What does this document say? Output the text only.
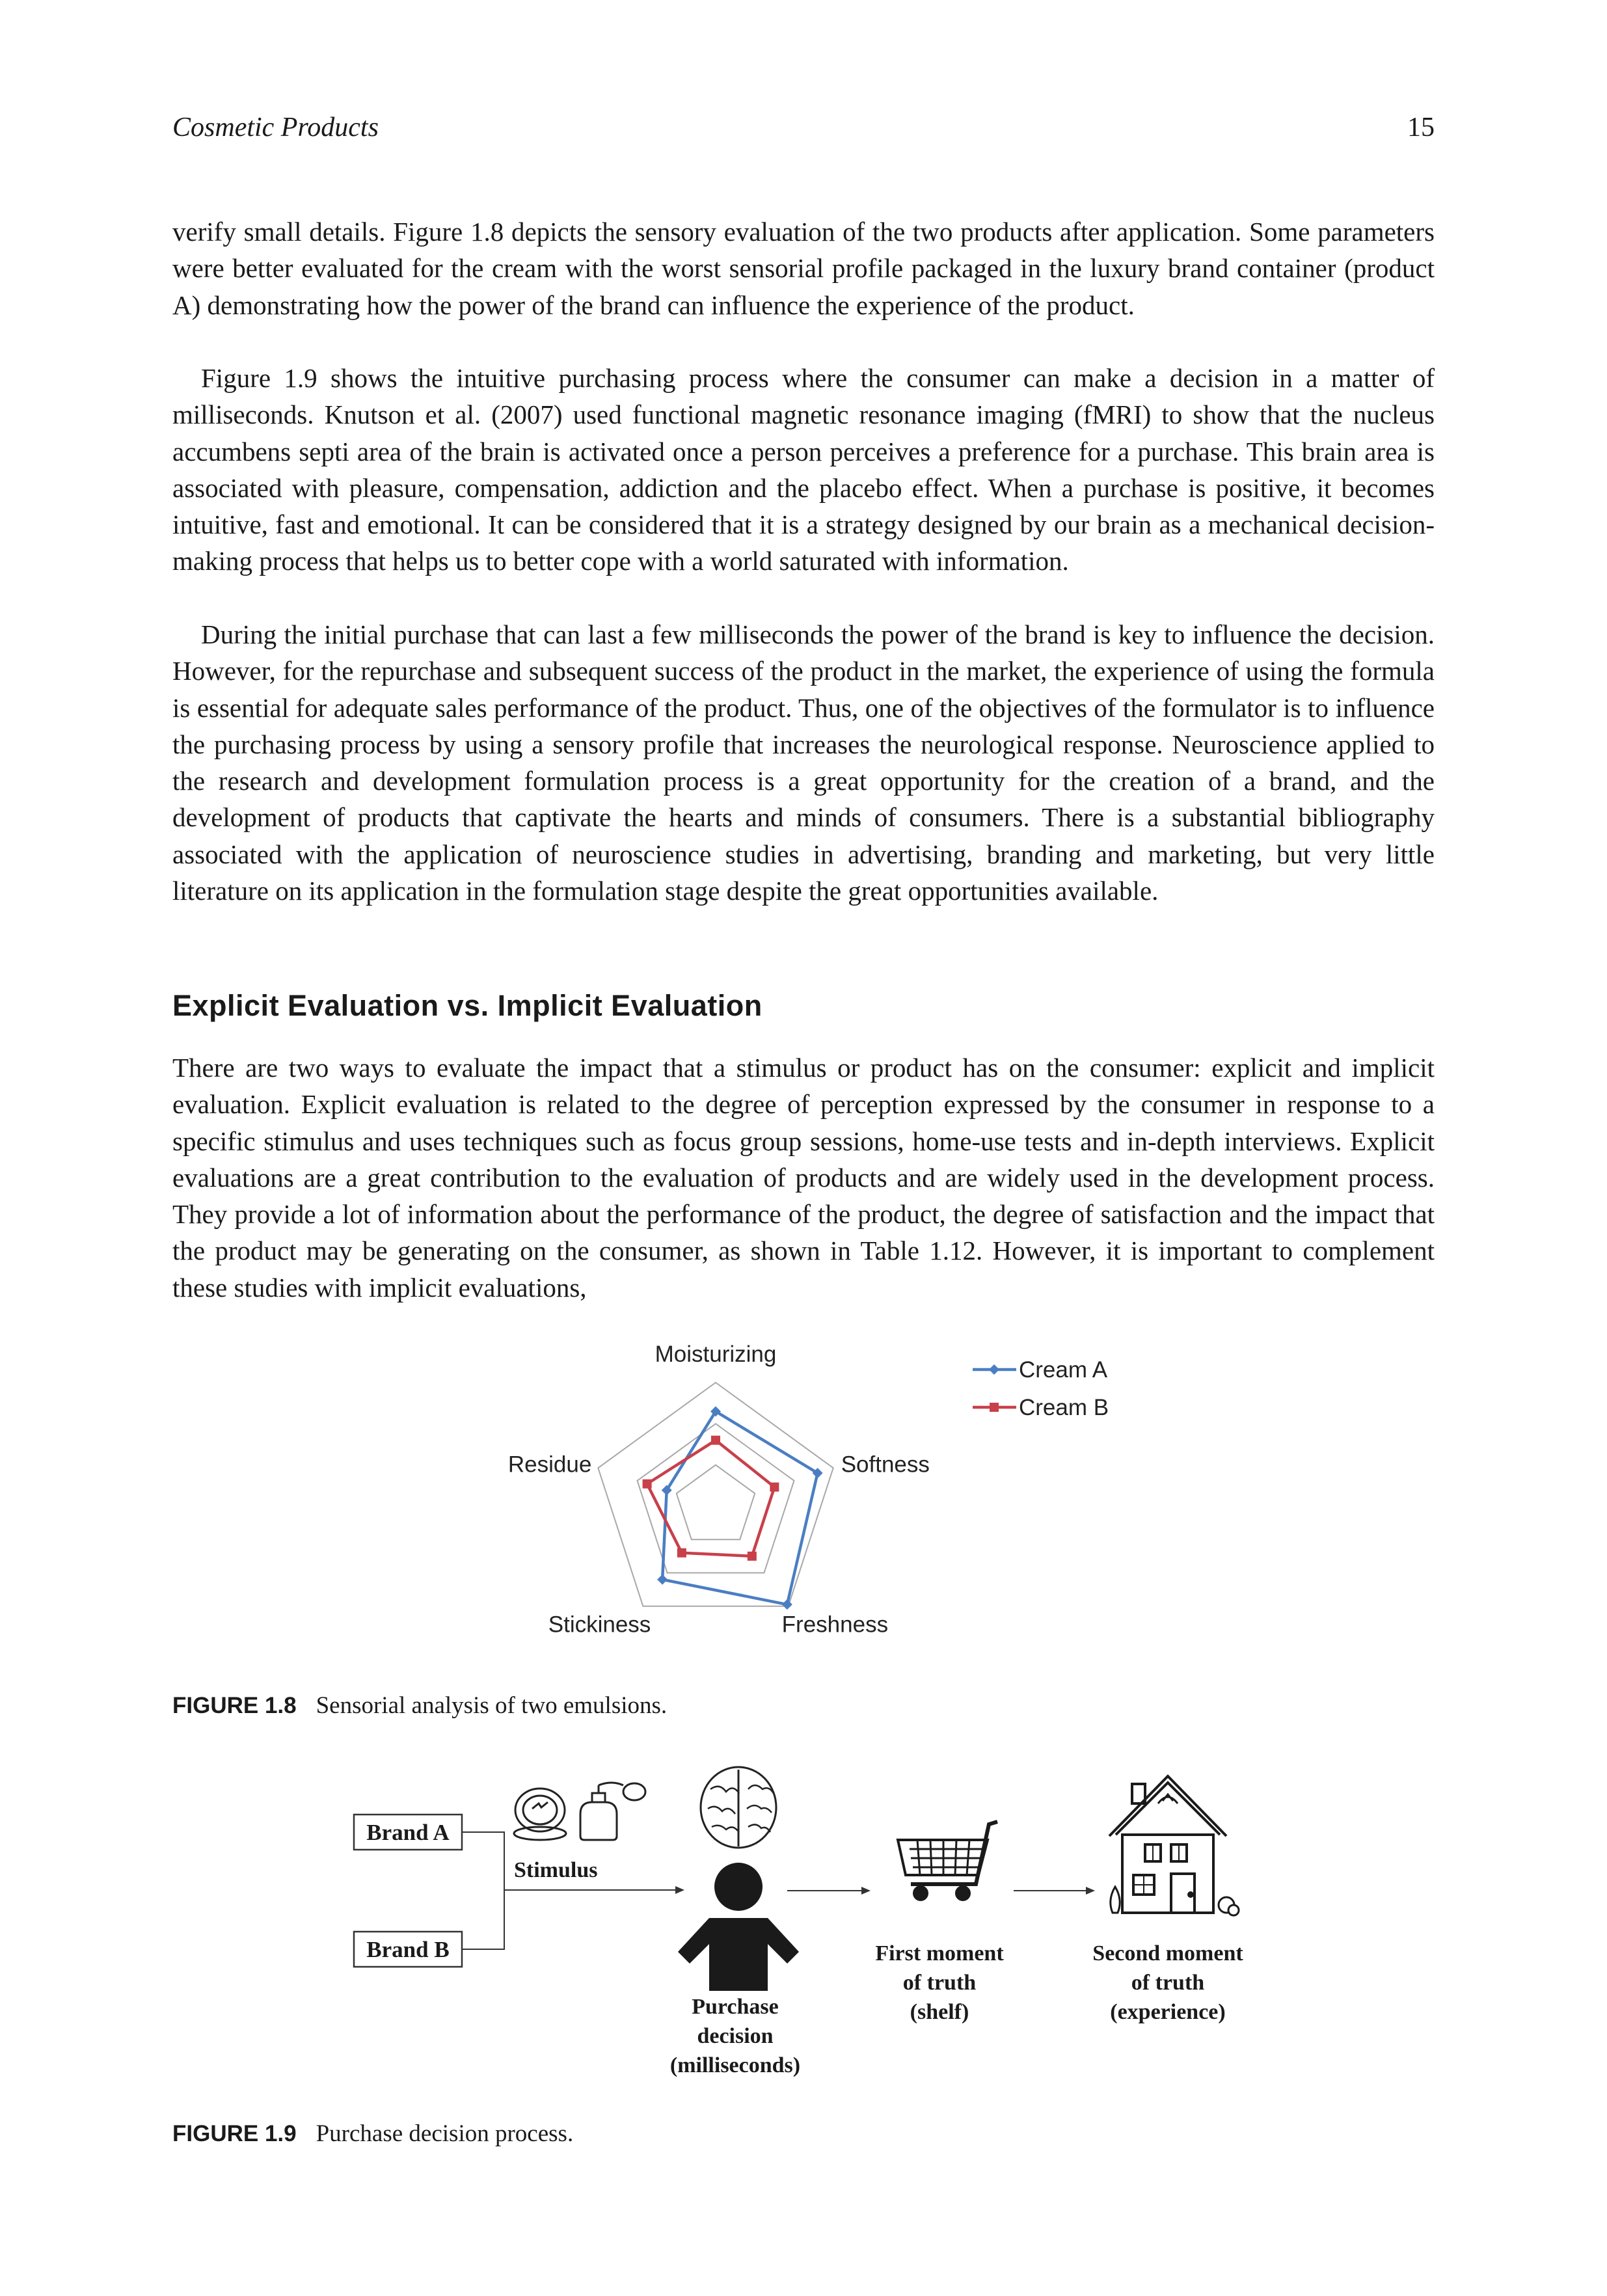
Cosmetic Products	15

verify small details. Figure 1.8 depicts the sensory evaluation of the two products after application. Some parameters were better evaluated for the cream with the worst sensorial profile packaged in the luxury brand container (product A) demonstrating how the power of the brand can influence the experience of the product.

Figure 1.9 shows the intuitive purchasing process where the consumer can make a decision in a matter of milliseconds. Knutson et al. (2007) used functional magnetic resonance imaging (fMRI) to show that the nucleus accumbens septi area of the brain is activated once a person perceives a preference for a purchase. This brain area is associated with pleasure, compensation, addiction and the placebo effect. When a purchase is positive, it becomes intuitive, fast and emotional. It can be considered that it is a strategy designed by our brain as a mechanical decision-making process that helps us to better cope with a world saturated with information.

During the initial purchase that can last a few milliseconds the power of the brand is key to influence the decision. However, for the repurchase and subsequent success of the product in the market, the experience of using the formula is essential for adequate sales performance of the product. Thus, one of the objectives of the formulator is to influence the purchasing process by using a sensory profile that increases the neurological response. Neuroscience applied to the research and development formulation process is a great opportunity for the creation of a brand, and the development of products that captivate the hearts and minds of consumers. There is a substantial bibliography associated with the application of neuroscience studies in advertising, branding and marketing, but very little literature on its application in the formulation stage despite the great opportunities available.

Explicit Evaluation vs. Implicit Evaluation

There are two ways to evaluate the impact that a stimulus or product has on the consumer: explicit and implicit evaluation. Explicit evaluation is related to the degree of perception expressed by the consumer in response to a specific stimulus and uses techniques such as focus group sessions, home-use tests and in-depth interviews. Explicit evaluations are a great contribution to the evaluation of products and are widely used in the development process. They provide a lot of information about the performance of the product, the degree of satisfaction and the impact that the product may be generating on the consumer, as shown in Table 1.12. However, it is important to complement these studies with implicit evaluations,

Moisturizing
Softness
Freshness
Stickiness
Residue
Cream A
Cream B
FIGURE 1.8 Sensorial analysis of two emulsions.
Brand A
Brand B
Stimulus
Purchase
decision
(milliseconds)
First moment
of truth
(shelf)
Second moment
of truth
(experience)
FIGURE 1.9 Purchase decision process.
